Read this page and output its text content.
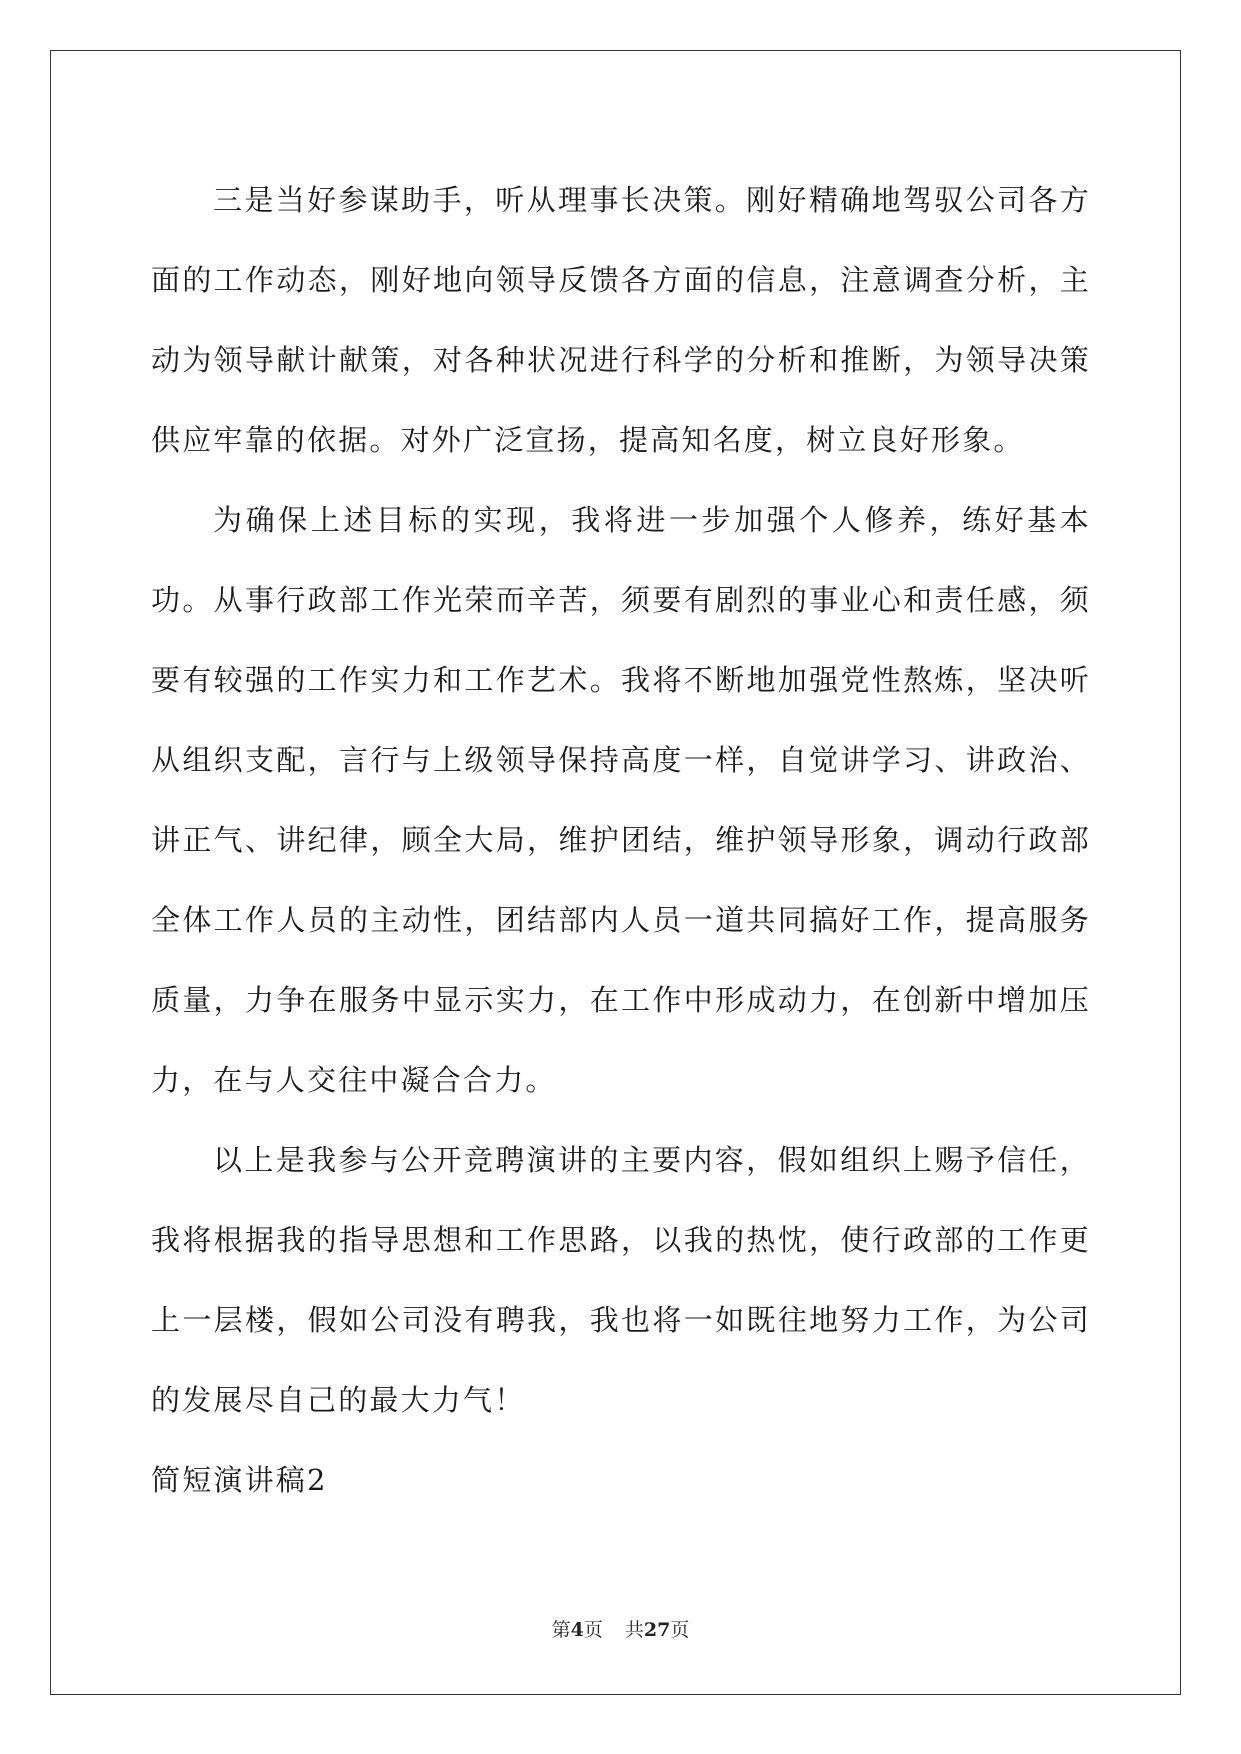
三是当好参谋助手，听从理事长决策。刚好精确地驾驭公司各方面的工作动态，刚好地向领导反馈各方面的信息，注意调查分析，主动为领导献计献策，对各种状况进行科学的分析和推断，为领导决策供应牢靠的依据。对外广泛宣扬，提高知名度，树立良好形象。

为确保上述目标的实现，我将进一步加强个人修养，练好基本功。从事行政部工作光荣而辛苦，须要有剧烈的事业心和责任感，须要有较强的工作实力和工作艺术。我将不断地加强党性熬炼，坚决听从组织支配，言行与上级领导保持高度一样，自觉讲学习、讲政治、讲正气、讲纪律，顾全大局，维护团结，维护领导形象，调动行政部全体工作人员的主动性，团结部内人员一道共同搞好工作，提高服务质量，力争在服务中显示实力，在工作中形成动力，在创新中增加压力，在与人交往中凝合合力。

以上是我参与公开竞聘演讲的主要内容，假如组织上赐予信任，我将根据我的指导思想和工作思路，以我的热忱，使行政部的工作更上一层楼，假如公司没有聘我，我也将一如既往地努力工作，为公司的发展尽自己的最大力气！

简短演讲稿2

第4页 共27页
